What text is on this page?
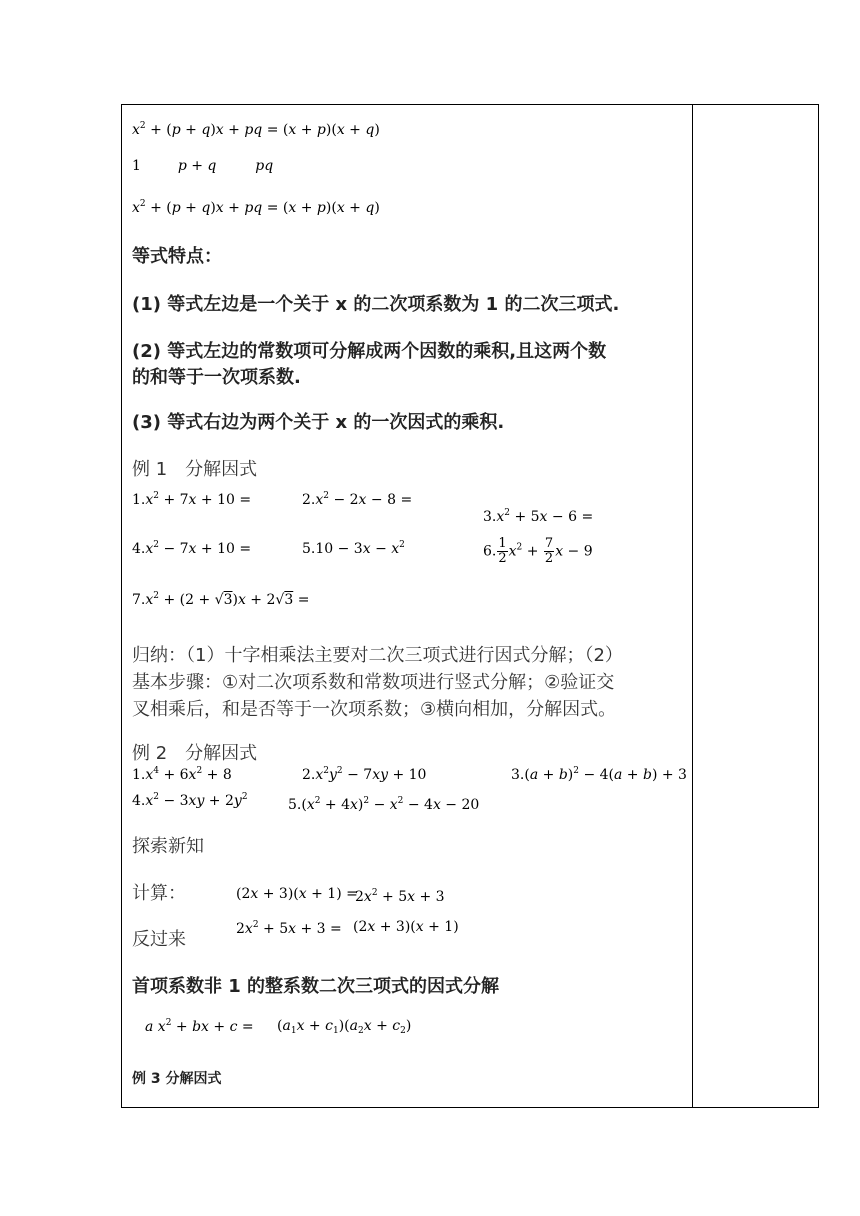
$x^2 + (p + q)x$ + pq = (x + p)(x + q)
1	p + q	pq
$x^2 + (p + q)x$ + pq = (x + p)(x + q)
等式特点：
(1) 等式左边是一个关于 x 的二次项系数为 1 的二次三项式.
(2) 等式左边的常数项可分解成两个因数的乘积,且这两个数
的和等于一次项系数.
(3) 等式右边为两个关于 x 的一次因式的乘积.
例 1　分解因式
$1.x^2 + 7x + 10$ =	$2.x^2 - 2x - 8$ =
$3.x^2 + 5x - 6$ =
$4.x^2 - 7x + 10$ =	$5.10 - 3x - x^2$	6. $\frac{1}{2} x^2 + \frac{7}{2}$ x − 9
$7.x^2 + (2 + √3)x + 2√3$ =
归纳：（1）十字相乘法主要对二次三项式进行因式分解；（2）
基本步骤：①对二次项系数和常数项进行竖式分解；②验证交
叉相乘后，和是否等于一次项系数；③横向相加，分解因式。
例 2　分解因式
$1.x^4 + 6x^2 + 8$	$2.x^2y^2 - 7xy + 10$	$3.(a + b)^2 - 4(a + b) + 3$
$4.x^2 - 3xy + 2y^2$	$5.(x^2 + 4x)^2 - x^2 - 4x - 20$
探索新知
计算：	(2x + 3)(x + 1) =
$2x^2 + 5x + 3$
$2x^2 + 5x + 3 = (2x + 3)(x + 1)$
反过来
首项系数非 1 的整系数二次三项式的因式分解
a $x^2$ + bx + $c = (a_1x + c_1)(a_2x + c_2)$
例 3 分解因式
